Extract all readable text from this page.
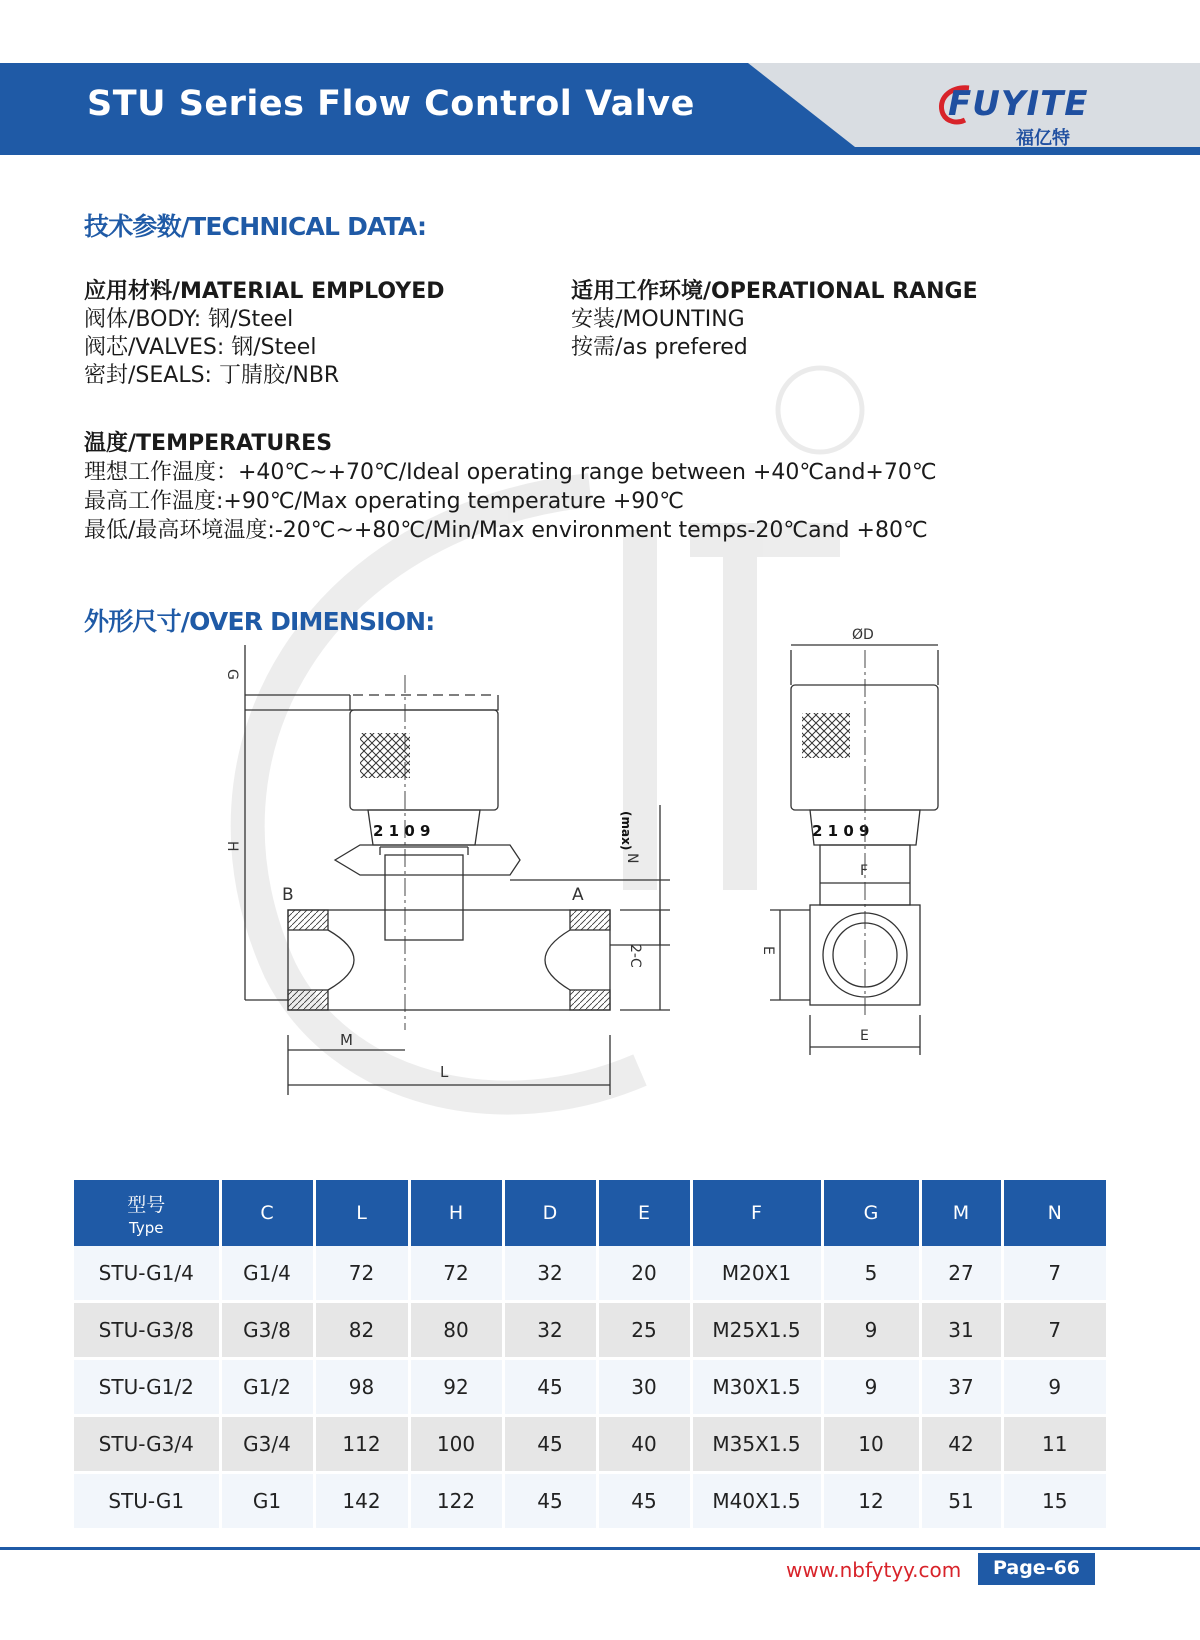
STU Series Flow Control Valve	FUYITE
福亿特
技术参数/TECHNICAL DATA:
应用材料/MATERIAL EMPLOYED
阀体/BODY: 钢/Steel
阀芯/VALVES: 钢/Steel
密封/SEALS: 丁腈胶/NBR
适用工作环境/OPERATIONAL RANGE
安装/MOUNTING
按需/as prefered
温度/TEMPERATURES
理想工作温度：+40℃~+70℃/Ideal operating range between +40℃and+70℃
最高工作温度:+90℃/Max operating temperature +90℃
最低/最高环境温度:-20℃~+80℃/Min/Max environment temps-20℃and +80℃
外形尺寸/OVER DIMENSION:
2 1 0 9
G
H
N
(max)
B	A
2-C
M
L
ØD
2 1 0 9
F
E
E
型号
Type	C	L	H	D	E	F	G	M	N
STU-G1/4	G1/4	72	72	32	20	M20X1	5	27	7
STU-G3/8	G3/8	82	80	32	25	M25X1.5	9	31	7
STU-G1/2	G1/2	98	92	45	30	M30X1.5	9	37	9
STU-G3/4	G3/4	112	100	45	40	M35X1.5	10	42	11
STU-G1	G1	142	122	45	45	M40X1.5	12	51	15
www.nbfytyy.com	Page-66
